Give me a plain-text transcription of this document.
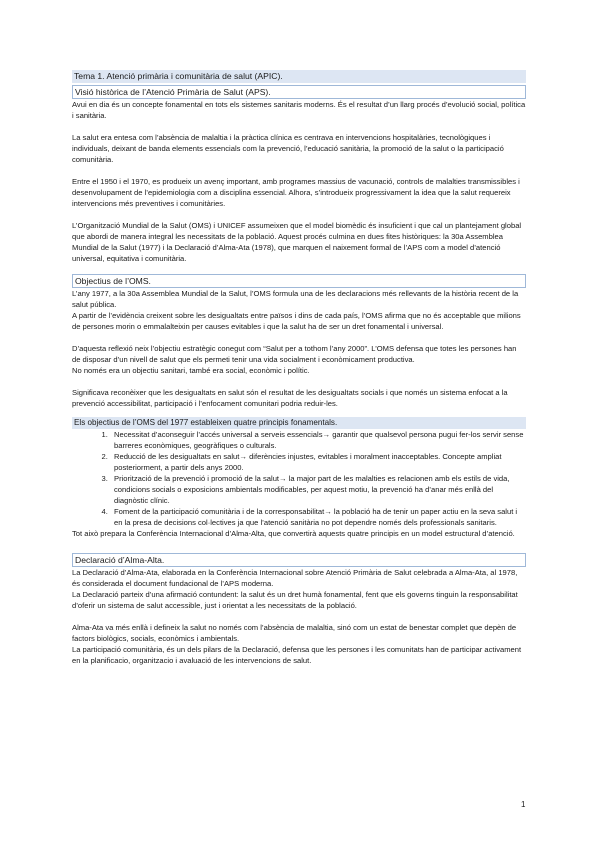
Tema 1. Atenció primària i comunitària de salut (APIC).
Visió històrica de l’Atenció Primària de Salut (APS).

Avui en dia és un concepte fonamental en tots els sistemes sanitaris moderns. És el resultat d’un llarg procés d’evolució social, política i sanitària.

La salut era entesa com l’absència de malaltia i la pràctica clínica es centrava en intervencions hospitalàries, tecnològiques i individuals, deixant de banda elements essencials com la prevenció, l’educació sanitària, la promoció de la salut o la participació comunitària.

Entre el 1950 i el 1970, es produeix un avenç important, amb programes massius de vacunació, controls de malalties transmissibles i desenvolupament de l’epidemiologia com a disciplina essencial. Alhora, s’introdueix progressivament la idea que la salut requereix intervencions més preventives i comunitàries.

L’Organització Mundial de la Salut (OMS) i UNICEF assumeixen que el model biomèdic és insuficient i que cal un plantejament global que abordi de manera integral les necessitats de la població. Aquest procés culmina en dues fites històriques: la 30a Assemblea Mundial de la Salut (1977) i la Declaració d’Alma-Ata (1978), que marquen el naixement formal de l’APS com a model d’atenció universal, equitativa i comunitària.

Objectius de l’OMS.

L’any 1977, a la 30a Assemblea Mundial de la Salut, l’OMS formula una de les declaracions més rellevants de la història recent de la salut pública.

A partir de l’evidència creixent sobre les desigualtats entre països i dins de cada país, l’OMS afirma que no és acceptable que milions de persones morin o emmalalteixin per causes evitables i que la salut ha de ser un dret fonamental i universal.

D’aquesta reflexió neix l’objectiu estratègic conegut com “Salut per a tothom l’any 2000”. L’OMS defensa que totes les persones han de disposar d’un nivell de salut que els permeti tenir una vida socialment i econòmicament productiva.

No només era un objectiu sanitari, també era social, econòmic i polític.

Significava reconèixer que les desigualtats en salut són el resultat de les desigualtats socials i que només un sistema enfocat a la prevenció accessibilitat, participació i l’enfocament comunitari podria reduir-les.

Els objectius de l’OMS del 1977 estableixen quatre principis fonamentals.
1. Necessitat d’aconseguir l’accés universal a serveis essencials→ garantir que qualsevol persona pugui fer-los servir sense barreres econòmiques, geogràfiques o culturals.
2. Reducció de les desigualtats en salut→ diferències injustes, evitables i moralment inacceptables. Concepte ampliat posteriorment, a partir dels anys 2000.
3. Priorització de la prevenció i promoció de la salut→ la major part de les malalties es relacionen amb els estils de vida, condicions socials o exposicions ambientals modificables, per aquest motiu, la prevenció ha d’anar més enllà del diagnòstic clínic.
4. Foment de la participació comunitària i de la corresponsabilitat→ la població ha de tenir un paper actiu en la seva salut i en la presa de decisions col·lectives ja que l’atenció sanitària no pot dependre només dels professionals sanitaris.

Tot això prepara la Conferència Internacional d’Alma-Alta, que convertirà aquests quatre principis en un model estructural d’atenció.

Declaració d’Alma-Alta.

La Declaració d’Alma-Ata, elaborada en la Conferència Internacional sobre Atenció Primària de Salut celebrada a Alma-Ata, al 1978, és considerada el document fundacional de l’APS moderna.

La Declaració parteix d’una afirmació contundent: la salut és un dret humà fonamental, fent que els governs tinguin la responsabilitat d’oferir un sistema de salut accessible, just i orientat a les necessitats de la població.

Alma-Ata va més enllà i defineix la salut no només com l’absència de malaltia, sinó com un estat de benestar complet que depèn de factors biològics, socials, econòmics i ambientals.

La participació comunitària, és un dels pilars de la Declaració, defensa que les persones i les comunitats han de participar activament en la planificacio, organitzacio i avaluació de les intervencions de salut.

1
